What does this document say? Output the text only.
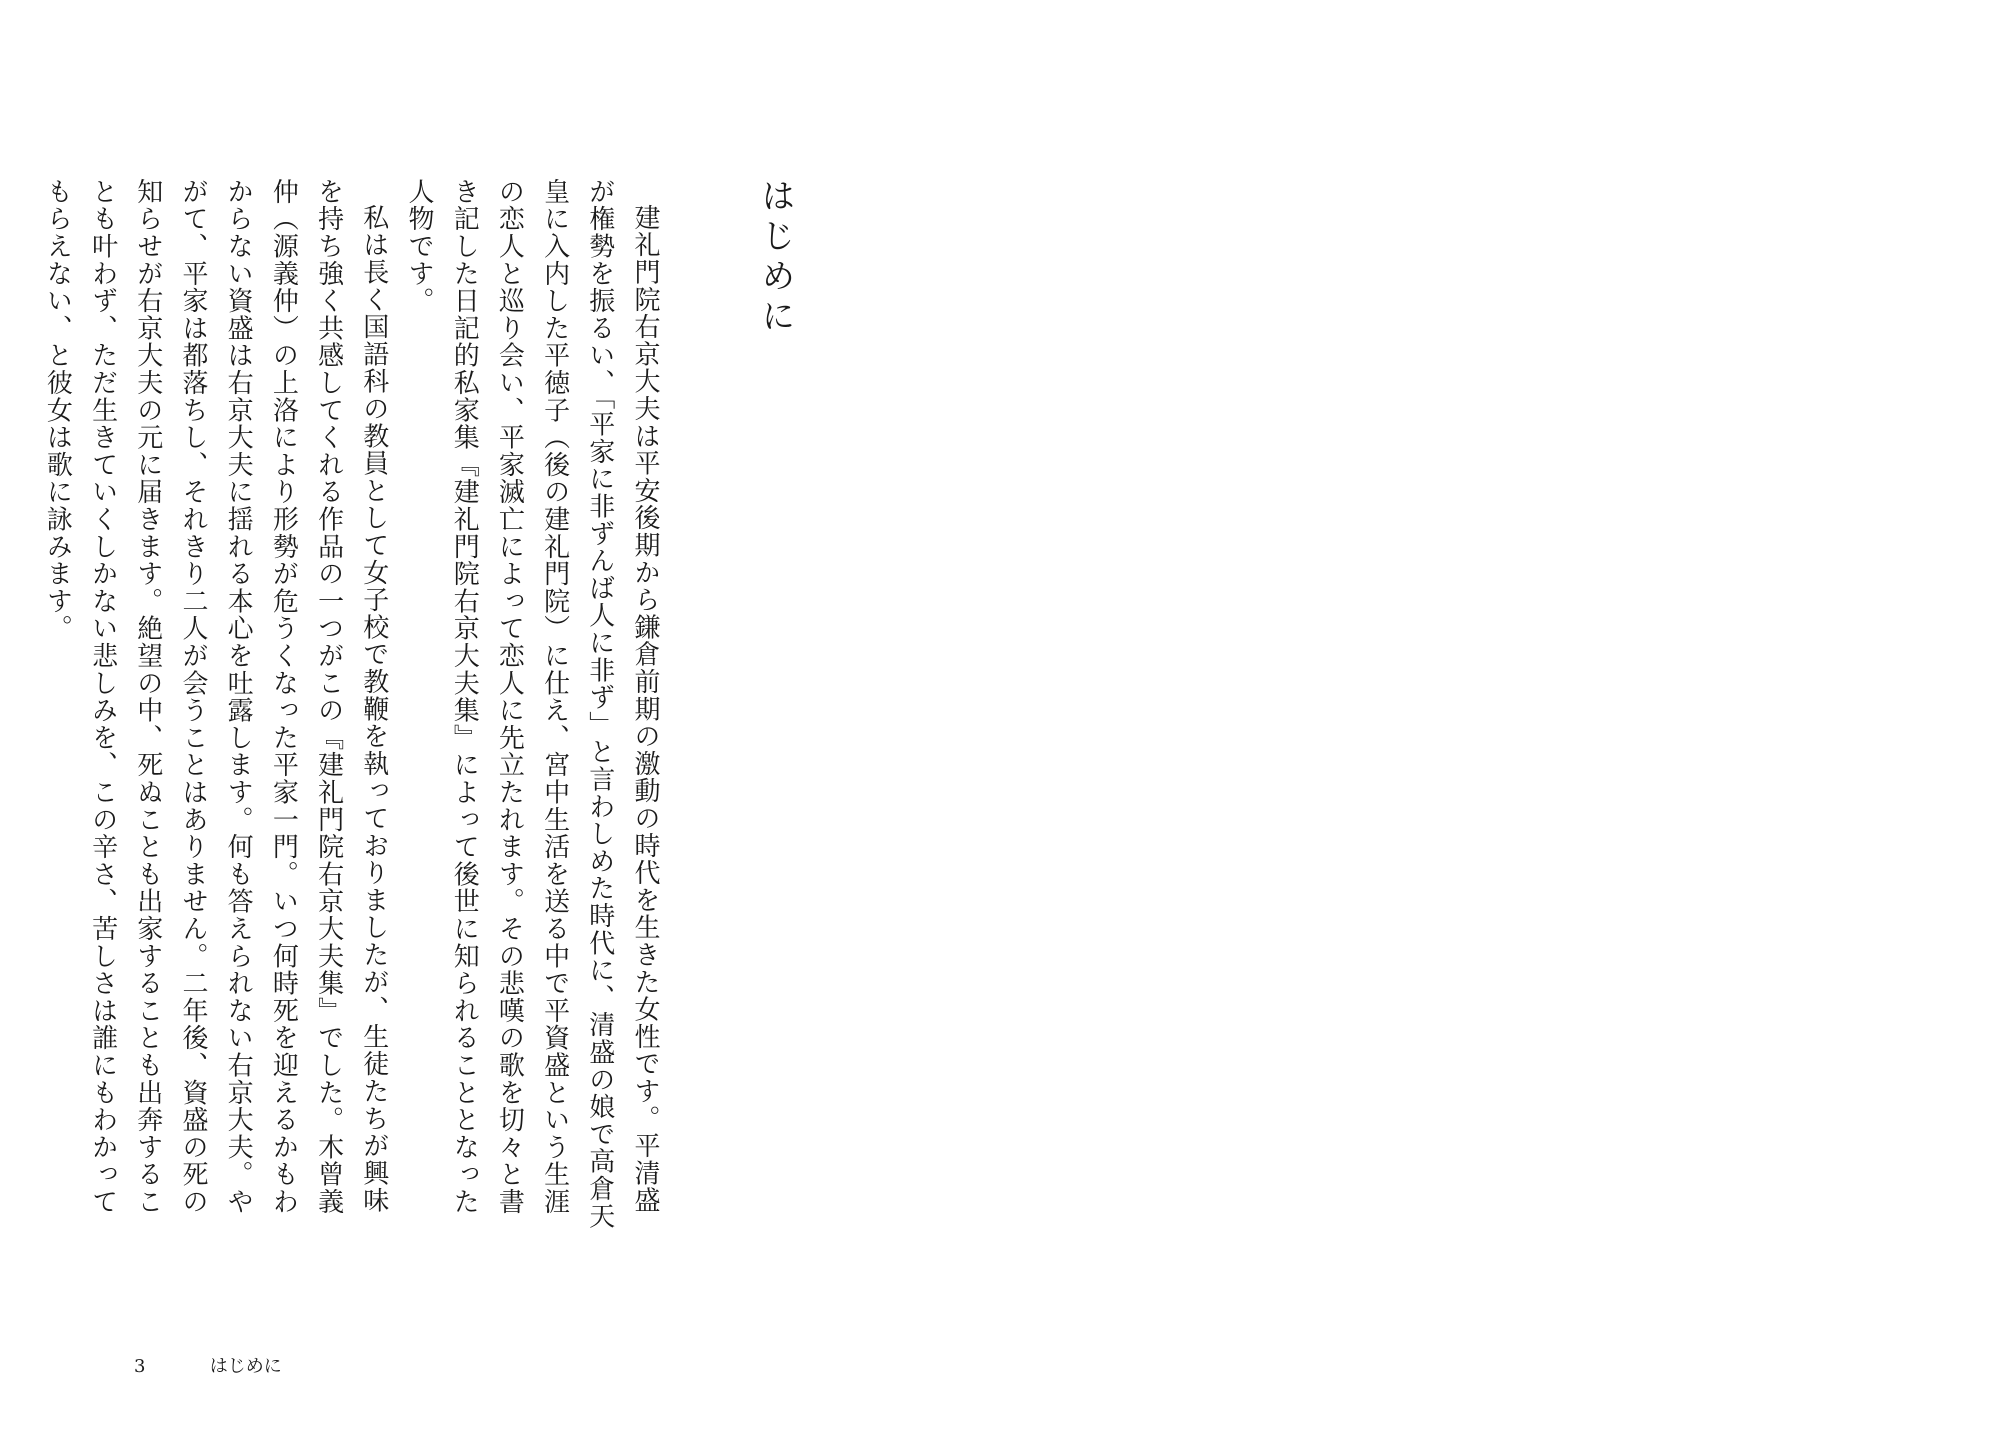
はじめに

建礼門院右京大夫は平安後期から鎌倉前期の激動の時代を生きた女性です。平清盛が権勢を振るい、「平家に非ずんば人に非ず」と言わしめた時代に、清盛の娘で高倉天皇に入内した平徳子（後の建礼門院）に仕え、宮中生活を送る中で平資盛という生涯の恋人と巡り会い、平家滅亡によって恋人に先立たれます。その悲嘆の歌を切々と書き記した日記的私家集『建礼門院右京大夫集』によって後世に知られることとなった人物です。

私は長く国語科の教員として女子校で教鞭を執っておりましたが、生徒たちが興味を持ち強く共感してくれる作品の一つがこの『建礼門院右京大夫集』でした。木曾義仲（源義仲）の上洛により形勢が危うくなった平家一門。いつ何時死を迎えるかもわからない資盛は右京大夫に揺れる本心を吐露します。何も答えられない右京大夫。やがて、平家は都落ちし、それきり二人が会うことはありません。二年後、資盛の死の知らせが右京大夫の元に届きます。絶望の中、死ぬことも出家することも出奔することも叶わず、ただ生きていくしかない悲しみを、この辛さ、苦しさは誰にもわかってもらえない、と彼女は歌に詠みます。

3	はじめに
